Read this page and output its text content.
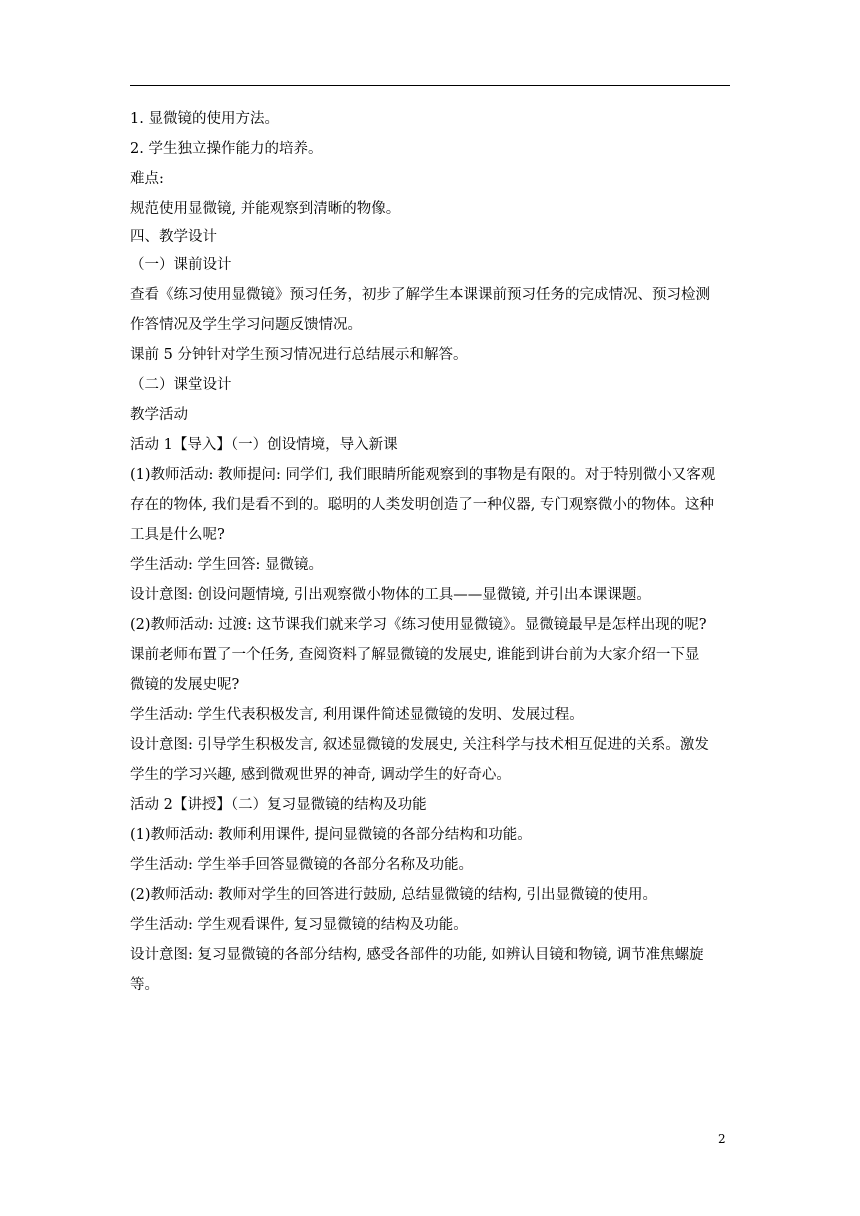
1. 显微镜的使用方法。
2. 学生独立操作能力的培养。
难点:
规范使用显微镜, 并能观察到清晰的物像。
四、教学设计
（一）课前设计
查看《练习使用显微镜》预习任务，初步了解学生本课课前预习任务的完成情况、预习检测
作答情况及学生学习问题反馈情况。
课前 5 分钟针对学生预习情况进行总结展示和解答。
（二）课堂设计
教学活动
活动 1【导入】（一）创设情境，导入新课
(1)教师活动: 教师提问: 同学们, 我们眼睛所能观察到的事物是有限的。对于特别微小又客观
存在的物体, 我们是看不到的。聪明的人类发明创造了一种仪器, 专门观察微小的物体。这种
工具是什么呢?
学生活动: 学生回答: 显微镜。
设计意图: 创设问题情境, 引出观察微小物体的工具——显微镜, 并引出本课课题。
(2)教师活动: 过渡: 这节课我们就来学习《练习使用显微镜》。显微镜最早是怎样出现的呢?
课前老师布置了一个任务, 查阅资料了解显微镜的发展史, 谁能到讲台前为大家介绍一下显
微镜的发展史呢?
学生活动: 学生代表积极发言, 利用课件简述显微镜的发明、发展过程。
设计意图: 引导学生积极发言, 叙述显微镜的发展史, 关注科学与技术相互促进的关系。激发
学生的学习兴趣, 感到微观世界的神奇, 调动学生的好奇心。
活动 2【讲授】（二）复习显微镜的结构及功能
(1)教师活动: 教师利用课件, 提问显微镜的各部分结构和功能。
学生活动: 学生举手回答显微镜的各部分名称及功能。
(2)教师活动: 教师对学生的回答进行鼓励, 总结显微镜的结构, 引出显微镜的使用。
学生活动: 学生观看课件, 复习显微镜的结构及功能。
设计意图: 复习显微镜的各部分结构, 感受各部件的功能, 如辨认目镜和物镜, 调节准焦螺旋
等。
2
